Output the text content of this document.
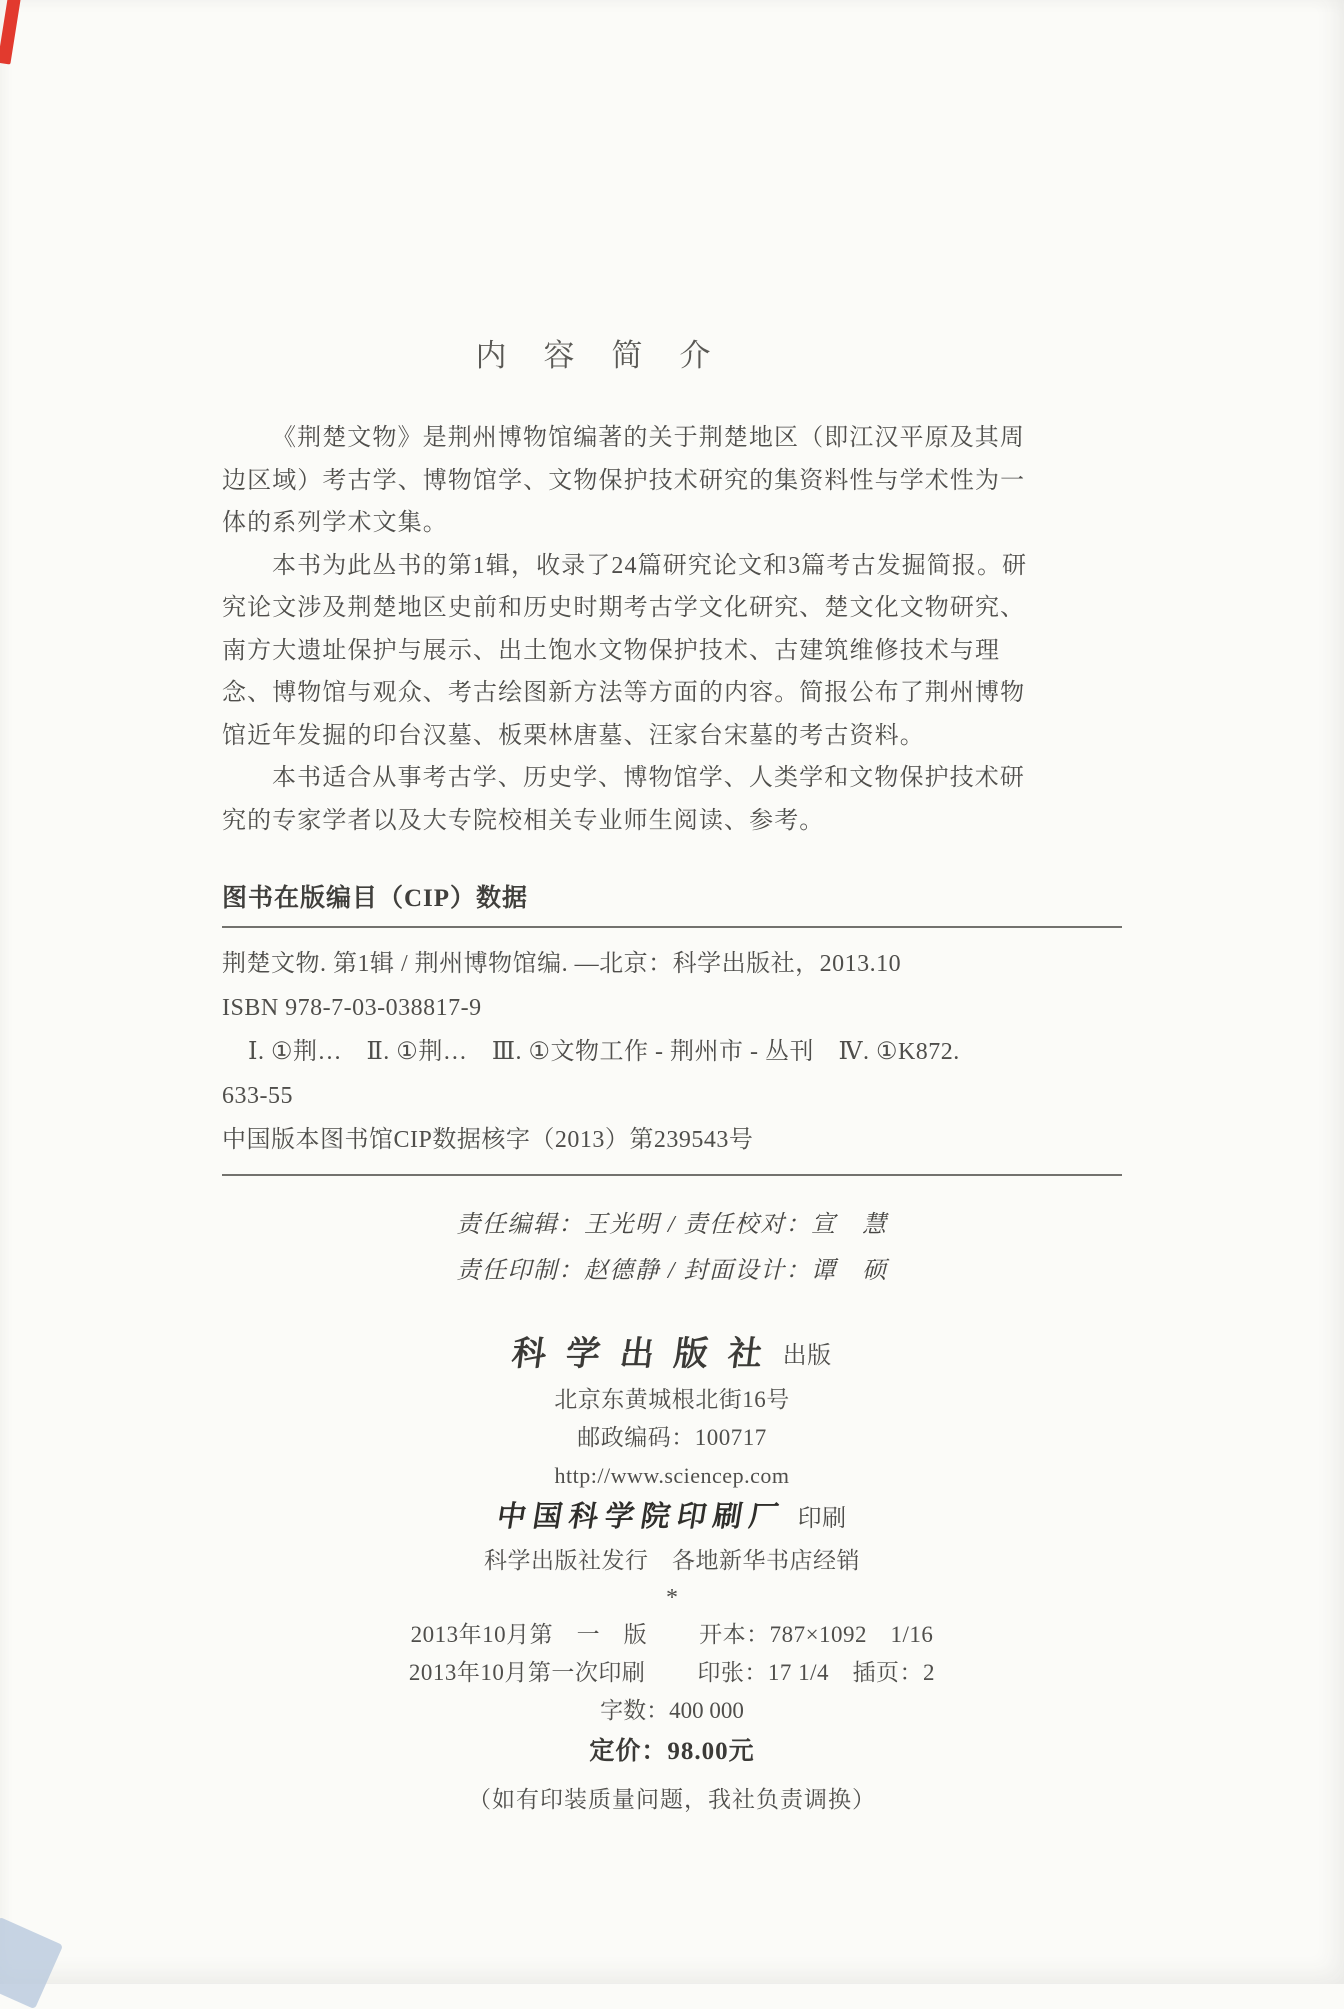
内　容　简　介
《荆楚文物》是荆州博物馆编著的关于荆楚地区（即江汉平原及其周
边区域）考古学、博物馆学、文物保护技术研究的集资料性与学术性为一
体的系列学术文集。
本书为此丛书的第1辑，收录了24篇研究论文和3篇考古发掘简报。研
究论文涉及荆楚地区史前和历史时期考古学文化研究、楚文化文物研究、
南方大遗址保护与展示、出土饱水文物保护技术、古建筑维修技术与理
念、博物馆与观众、考古绘图新方法等方面的内容。简报公布了荆州博物
馆近年发掘的印台汉墓、板栗林唐墓、汪家台宋墓的考古资料。
本书适合从事考古学、历史学、博物馆学、人类学和文物保护技术研
究的专家学者以及大专院校相关专业师生阅读、参考。
图书在版编目（CIP）数据
荆楚文物. 第1辑 / 荆州博物馆编. —北京：科学出版社，2013.10
ISBN 978-7-03-038817-9
Ⅰ. ①荆…　Ⅱ. ①荆…　Ⅲ. ①文物工作 - 荆州市 - 丛刊　Ⅳ. ①K872.
633-55
中国版本图书馆CIP数据核字（2013）第239543号
责任编辑：王光明 / 责任校对：宣　慧
责任印制：赵德静 / 封面设计：谭　硕
科学出版社 出版
北京东黄城根北街16号
邮政编码：100717
http://www.sciencep.com
中国科学院印刷厂 印刷
科学出版社发行　各地新华书店经销
*
2013年10月第　一　版 开本：787×1092　1/16
2013年10月第一次印刷 印张：17 1/4　插页：2
字数：400 000
定价：98.00元
（如有印装质量问题，我社负责调换）
